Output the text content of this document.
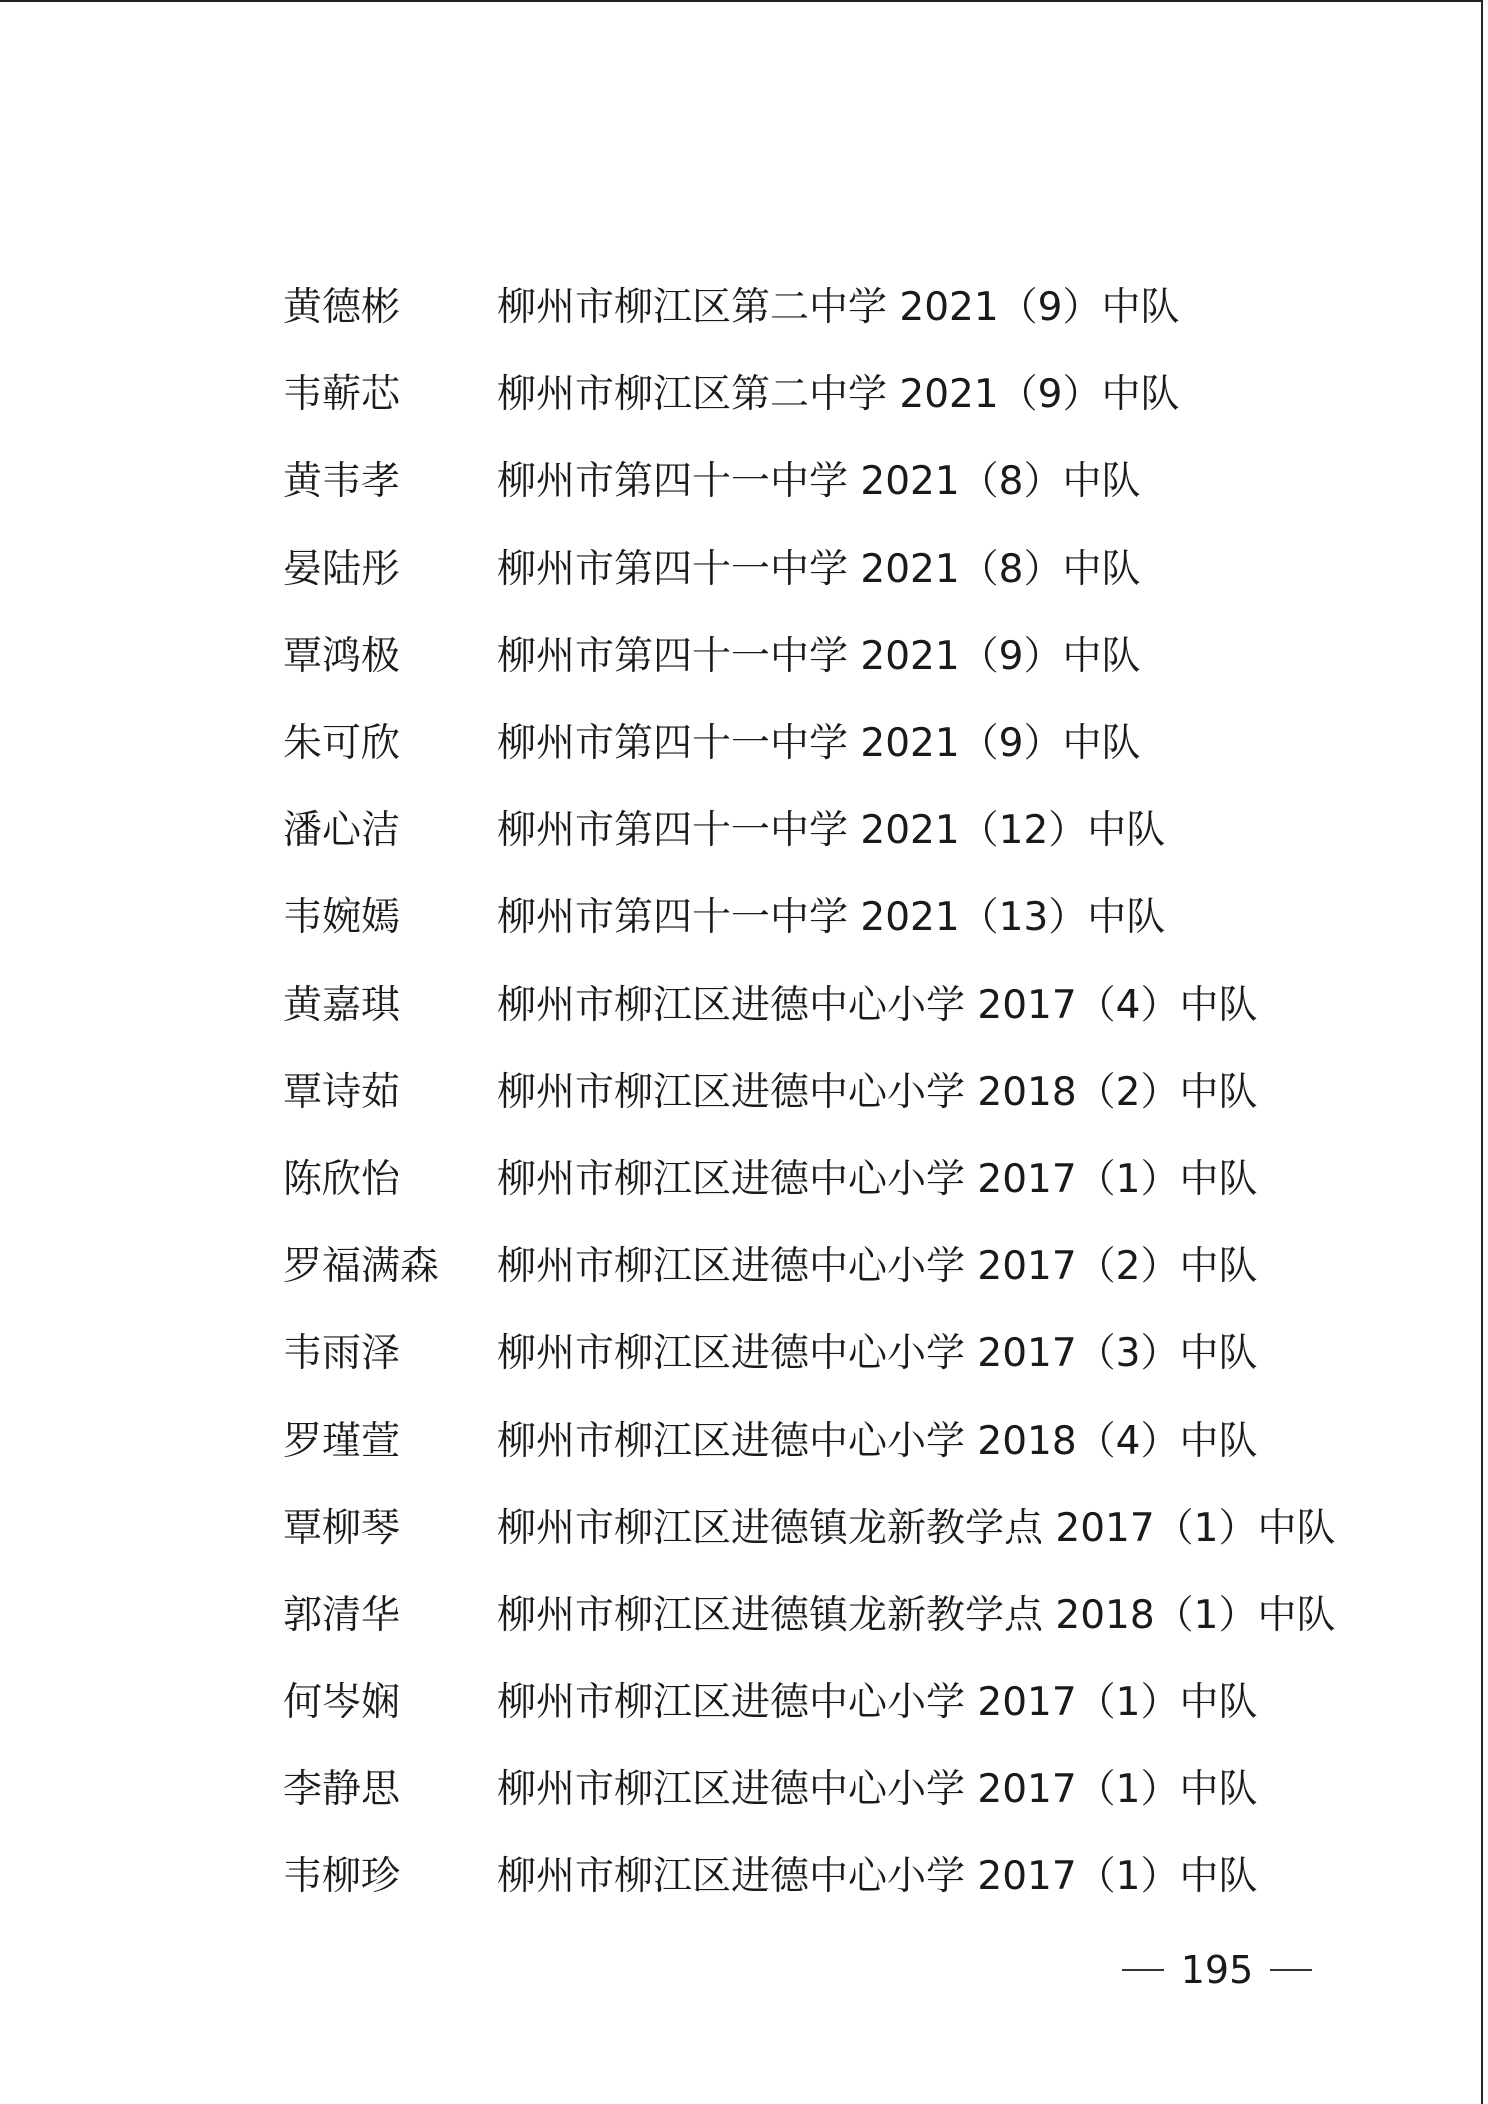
黄德彬	柳州市柳江区第二中学 2021（9）中队
韦蕲芯	柳州市柳江区第二中学 2021（9）中队
黄韦孝	柳州市第四十一中学 2021（8）中队
晏陆彤	柳州市第四十一中学 2021（8）中队
覃鸿极	柳州市第四十一中学 2021（9）中队
朱可欣	柳州市第四十一中学 2021（9）中队
潘心洁	柳州市第四十一中学 2021（12）中队
韦婉嫣	柳州市第四十一中学 2021（13）中队
黄嘉琪	柳州市柳江区进德中心小学 2017（4）中队
覃诗茹	柳州市柳江区进德中心小学 2018（2）中队
陈欣怡	柳州市柳江区进德中心小学 2017（1）中队
罗福满森	柳州市柳江区进德中心小学 2017（2）中队
韦雨泽	柳州市柳江区进德中心小学 2017（3）中队
罗瑾萱	柳州市柳江区进德中心小学 2018（4）中队
覃柳琴	柳州市柳江区进德镇龙新教学点 2017（1）中队
郭清华	柳州市柳江区进德镇龙新教学点 2018（1）中队
何岑娴	柳州市柳江区进德中心小学 2017（1）中队
李静思	柳州市柳江区进德中心小学 2017（1）中队
韦柳珍	柳州市柳江区进德中心小学 2017（1）中队
195
